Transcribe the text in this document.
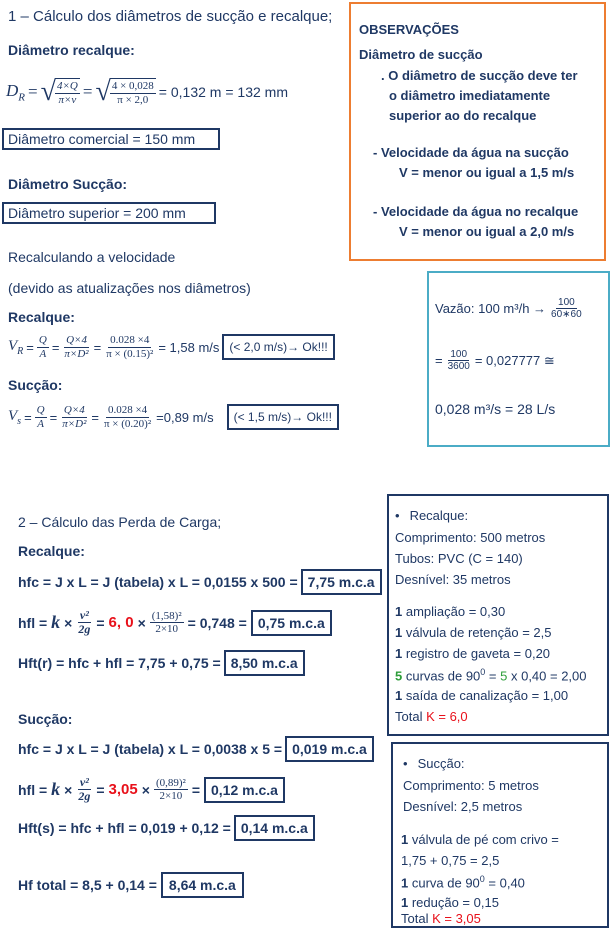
1 – Cálculo dos diâmetros de sucção e recalque;
Diâmetro recalque:
$D_R$ = √ $\frac{4\times Q}{\pi\times v}$ = √ $\frac{4 \times 0,028}{\pi \times 2,0} = 0,132$ m = 132 mm
Diâmetro comercial = 150 mm
Diâmetro Sucção:
Diâmetro superior = 200 mm
Recalculando a velocidade
(devido as atualizações nos diâmetros)
Recalque:
$V_R = \frac{Q}{A} = \frac{Q\times 4}{\text{π×D²}} = \frac{0.028 \times 4}{\text{π × (0.15)²}} = 1,58$ m/s (< 2,0 m/s)→ Ok!!!
Sucção:
$V_s = \frac{Q}{A} = \frac{Q\times 4}{\text{π×D²}} = \frac{0.028 \times 4}{\text{π × (0.20)²}} =0,89$ m/s	(< 1,5 m/s)→ Ok!!!
OBSERVAÇÕES
Diâmetro de sucção
. O diâmetro de sucção deve ter
o diâmetro imediatamente
superior ao do recalque
- Velocidade da água na sucção
V = menor ou igual a 1,5 m/s
- Velocidade da água no recalque
V = menor ou igual a 2,0 m/s
Vazão: 100 $m^3/h \to \frac{100}{60∗60}$
= $\frac{100}{3600} = 0,027777$ ≅
0,028 m³/s = 28 L/s
2 – Cálculo das Perda de Carga;
Recalque:
hfc = J x L = J (tabela) x L = 0,0155 x 500 = 7,75 m.c.a
hfl = $k \times \frac{\text{v²}}{2g} = 6$, $0 \times \frac{\text{(1,58)²}}{2\times 10} = 0,748 = 0,75$ m.c.a
Hft(r) = hfc + hfl = 7,75 + 0,75 = 8,50 m.c.a
Sucção:
hfc = J x L = J (tabela) x L = 0,0038 x 5 = 0,019 m.c.a
hfl = $k \times \frac{\text{v²}}{2g} = 3,05 \times \frac{\text{(0,89)²}}{2\times 10} = 0,12$ m.c.a
Hft(s) = hfc + hfl = 0,019 + 0,12 = 0,14 m.c.a
Hf total = 8,5 + 0,14 = 8,64 m.c.a
• Recalque:
Comprimento: 500 metros
Tubos: PVC (C = 140)
Desnível: 35 metros
1 ampliação = 0,30
1 válvula de retenção = 2,5
1 registro de gaveta = 0,20
5 curvas de $90^0 = 5$ x 0,40 = 2,00
1 saída de canalização = 1,00
Total K = 6,0
• Sucção:
Comprimento: 5 metros
Desnível: 2,5 metros
1 válvula de pé com crivo =
1,75 + 0,75 = 2,5
1 curva de $90^0 = 0,40$
1 redução = 0,15
Total K = 3,05
